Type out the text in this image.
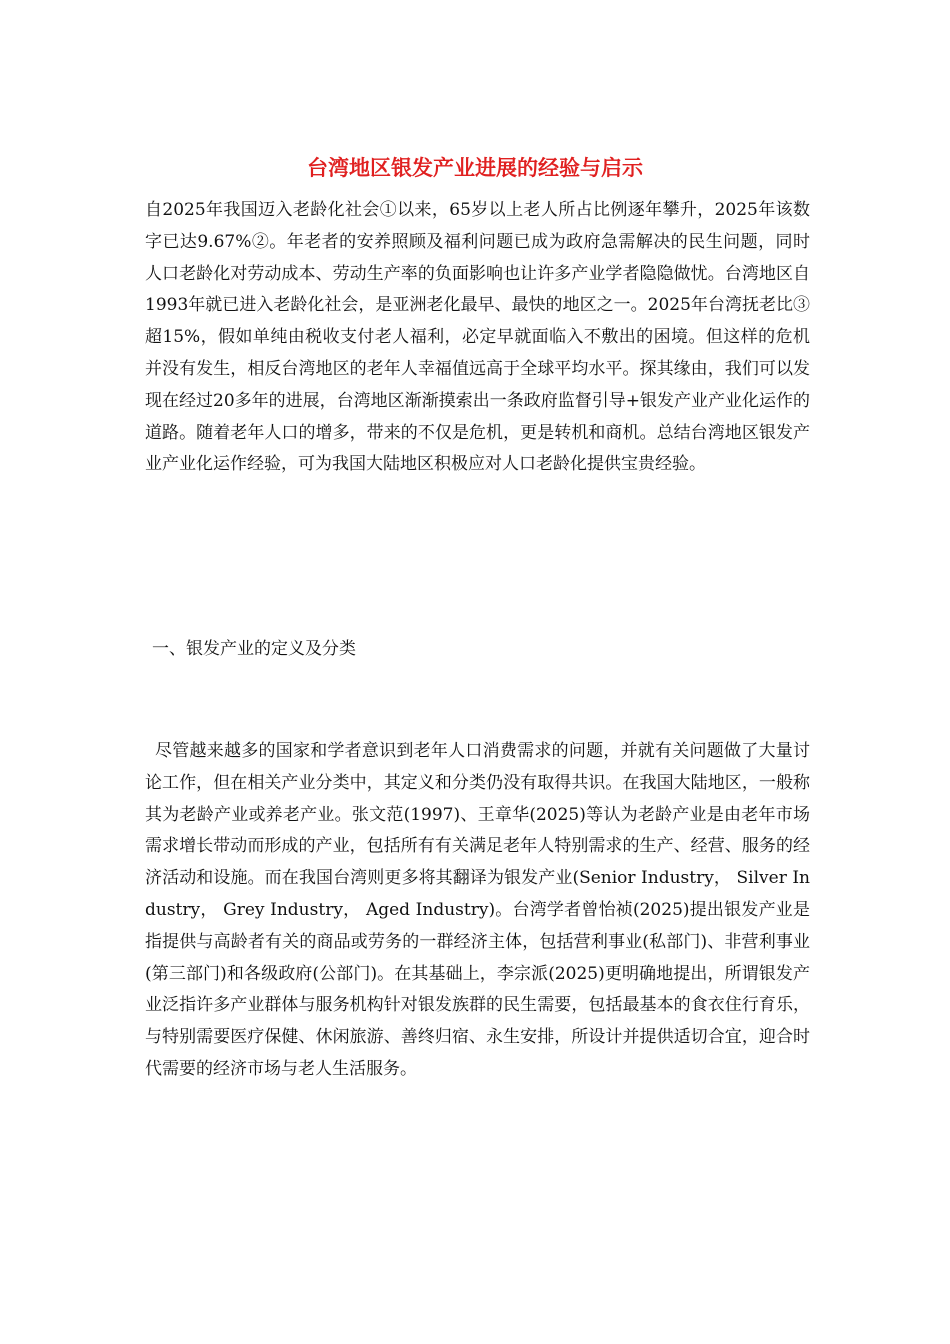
台湾地区银发产业进展的经验与启示

自2025年我国迈入老龄化社会①以来，65岁以上老人所占比例逐年攀升，2025年该数字已达9.67%②。年老者的安养照顾及福利问题已成为政府急需解决的民生问题，同时人口老龄化对劳动成本、劳动生产率的负面影响也让许多产业学者隐隐做忧。台湾地区自1993年就已进入老龄化社会，是亚洲老化最早、最快的地区之一。2025年台湾抚老比③超15%，假如单纯由税收支付老人福利，必定早就面临入不敷出的困境。但这样的危机并没有发生，相反台湾地区的老年人幸福值远高于全球平均水平。探其缘由，我们可以发现在经过20多年的进展，台湾地区渐渐摸索出一条政府监督引导+银发产业产业化运作的道路。随着老年人口的增多，带来的不仅是危机，更是转机和商机。总结台湾地区银发产业产业化运作经验，可为我国大陆地区积极应对人口老龄化提供宝贵经验。

一、银发产业的定义及分类

尽管越来越多的国家和学者意识到老年人口消费需求的问题，并就有关问题做了大量讨论工作，但在相关产业分类中，其定义和分类仍没有取得共识。在我国大陆地区，一般称其为老龄产业或养老产业。张文范(1997)、王章华(2025)等认为老龄产业是由老年市场需求增长带动而形成的产业，包括所有有关满足老年人特别需求的生产、经营、服务的经济活动和设施。而在我国台湾则更多将其翻译为银发产业(Senior Industry， Silver Industry， Grey Industry， Aged Industry)。台湾学者曾怡祯(2025)提出银发产业是指提供与高龄者有关的商品或劳务的一群经济主体，包括营利事业(私部门)、非营利事业(第三部门)和各级政府(公部门)。在其基础上，李宗派(2025)更明确地提出，所谓银发产业泛指许多产业群体与服务机构针对银发族群的民生需要，包括最基本的食衣住行育乐，与特别需要医疗保健、休闲旅游、善终归宿、永生安排，所设计并提供适切合宜，迎合时代需要的经济市场与老人生活服务。
